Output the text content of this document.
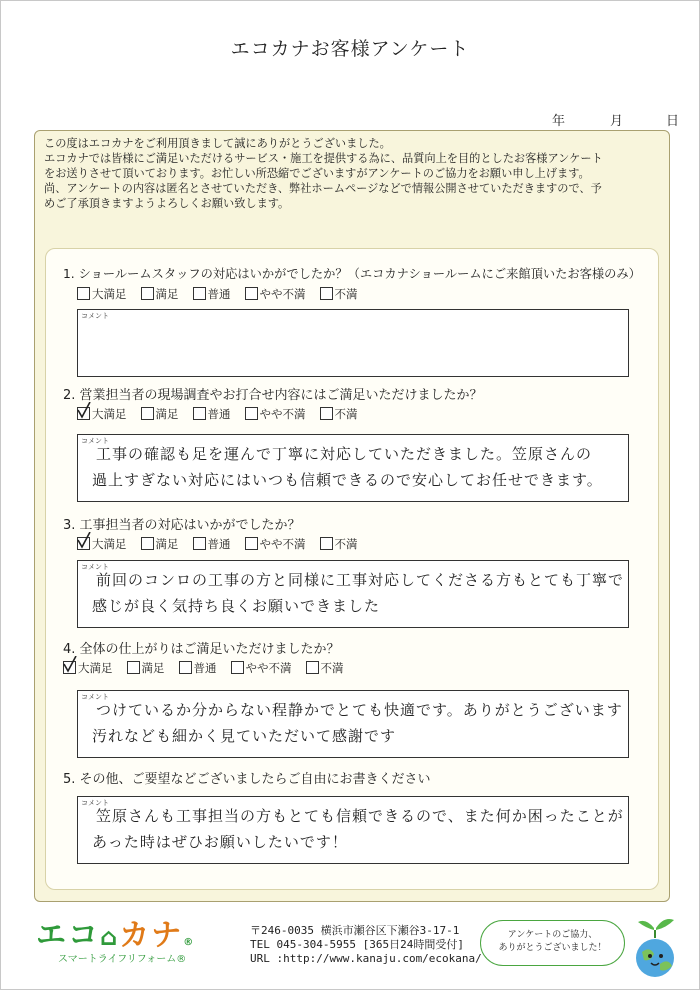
エコカナお客様アンケート
年	月	日
この度はエコカナをご利用頂きまして誠にありがとうございました。
エコカナでは皆様にご満足いただけるサービス・施工を提供する為に、品質向上を目的としたお客様アンケート
をお送りさせて頂いております。お忙しい所恐縮でございますがアンケートのご協力をお願い申し上げます。
尚、アンケートの内容は匿名とさせていただき、弊社ホームページなどで情報公開させていただきますので、予
めご了承頂きますようよろしくお願い致します。
1. ショールームスタッフの対応はいかがでしたか？（エコカナショールームにご来館頂いたお客様のみ）
大満足	満足	普通	やや不満	不満
コメント
2. 営業担当者の現場調査やお打合せ内容にはご満足いただけましたか？
大満足	満足	普通	やや不満	不満
コメント
工事の確認も足を運んで丁寧に対応していただきました。笠原さんの
過上すぎない対応にはいつも信頼できるので安心してお任せできます。
3. 工事担当者の対応はいかがでしたか？
大満足	満足	普通	やや不満	不満
コメント
前回のコンロの工事の方と同様に工事対応してくださる方もとても丁寧で
感じが良く気持ち良くお願いできました
4. 全体の仕上がりはご満足いただけましたか？
大満足	満足	普通	やや不満	不満
コメント
つけているか分からない程静かでとても快適です。ありがとうございます
汚れなども細かく見ていただいて感謝です
5. その他、ご要望などございましたらご自由にお書きください
コメント
笠原さんも工事担当の方もとても信頼できるので、また何か困ったことが
あった時はぜひお願いしたいです！
エコ⌂カナ®
スマートライフリフォーム®
〒246-0035 横浜市瀬谷区下瀬谷3-17-1
TEL 045-304-5955 [365日24時間受付]
URL :http://www.kanaju.com/ecokana/
アンケートのご協力、
ありがとうございました！
